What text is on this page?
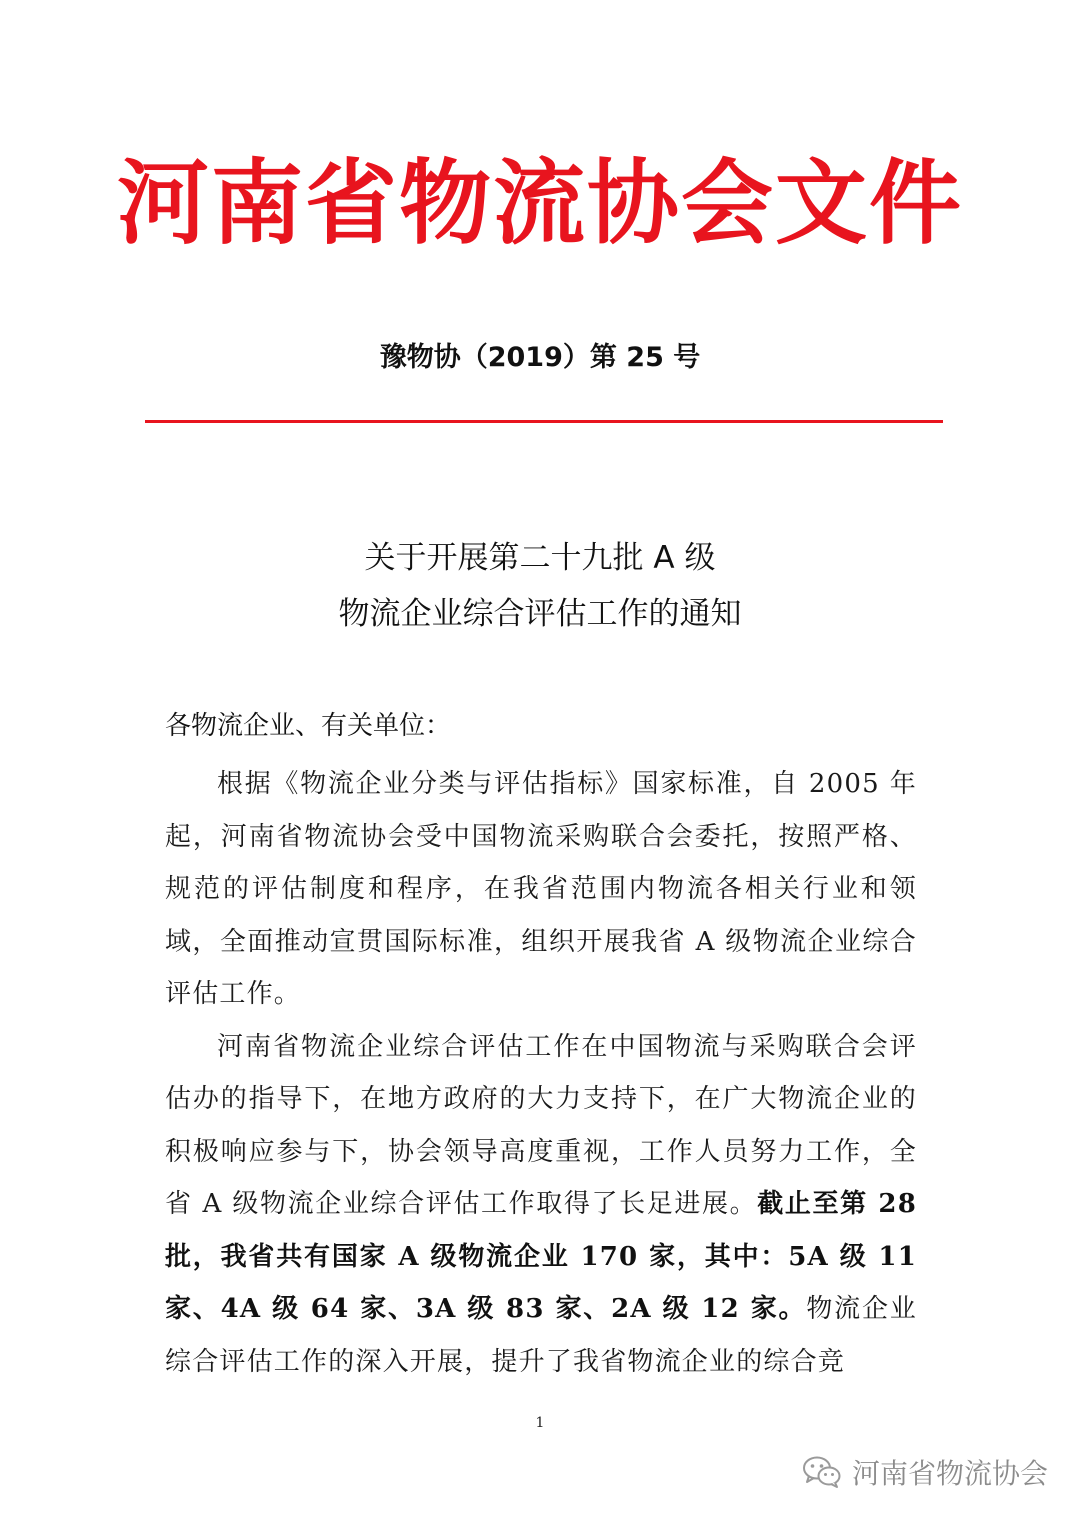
河南省物流协会文件
豫物协（2019）第 25 号
关于开展第二十九批 A 级
物流企业综合评估工作的通知
各物流企业、有关单位：

根据《物流企业分类与评估指标》国家标准，自 2005 年起，河南省物流协会受中国物流采购联合会委托，按照严格、规范的评估制度和程序，在我省范围内物流各相关行业和领域，全面推动宣贯国际标准，组织开展我省 A 级物流企业综合评估工作。

河南省物流企业综合评估工作在中国物流与采购联合会评估办的指导下，在地方政府的大力支持下，在广大物流企业的积极响应参与下，协会领导高度重视，工作人员努力工作，全省 A 级物流企业综合评估工作取得了长足进展。截止至第 28 批，我省共有国家 A 级物流企业 170 家，其中：5A 级 11 家、4A 级 64 家、3A 级 83 家、2A 级 12 家。物流企业综合评估工作的深入开展，提升了我省物流企业的综合竞

1
河南省物流协会
